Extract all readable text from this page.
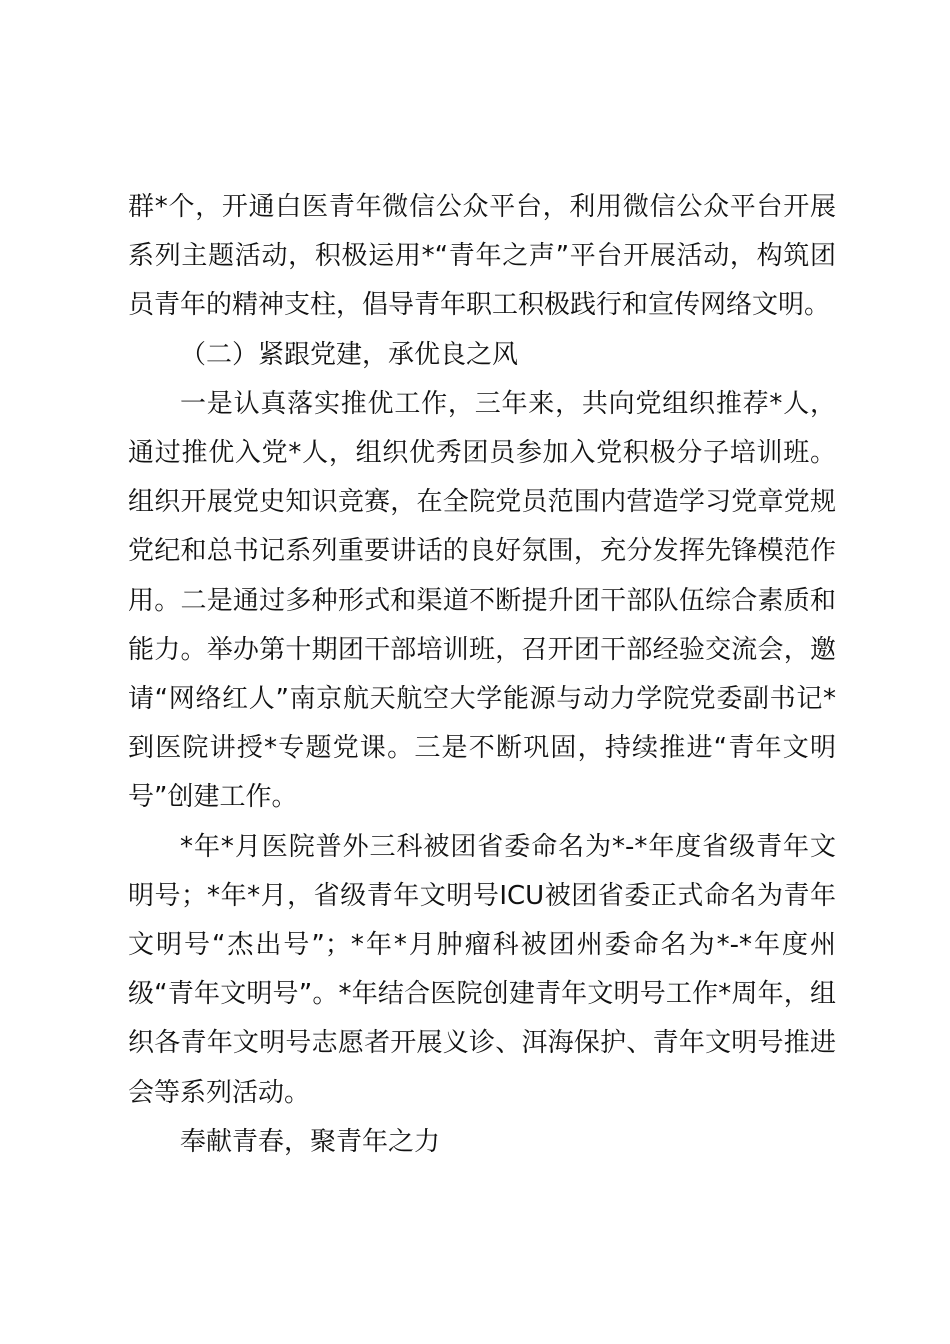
群*个，开通白医青年微信公众平台，利用微信公众平台开展系列主题活动，积极运用*“青年之声”平台开展活动，构筑团员青年的精神支柱，倡导青年职工积极践行和宣传网络文明。

（二）紧跟党建，承优良之风

一是认真落实推优工作，三年来，共向党组织推荐*人，通过推优入党*人，组织优秀团员参加入党积极分子培训班。组织开展党史知识竞赛，在全院党员范围内营造学习党章党规党纪和总书记系列重要讲话的良好氛围，充分发挥先锋模范作用。二是通过多种形式和渠道不断提升团干部队伍综合素质和能力。举办第十期团干部培训班，召开团干部经验交流会，邀请“网络红人”南京航天航空大学能源与动力学院党委副书记*到医院讲授*专题党课。三是不断巩固，持续推进“青年文明号”创建工作。

*年*月医院普外三科被团省委命名为*-*年度省级青年文明号；*年*月，省级青年文明号ICU被团省委正式命名为青年文明号“杰出号”；*年*月肿瘤科被团州委命名为*-*年度州级“青年文明号”。*年结合医院创建青年文明号工作*周年，组织各青年文明号志愿者开展义诊、洱海保护、青年文明号推进会等系列活动。

奉献青春，聚青年之力
